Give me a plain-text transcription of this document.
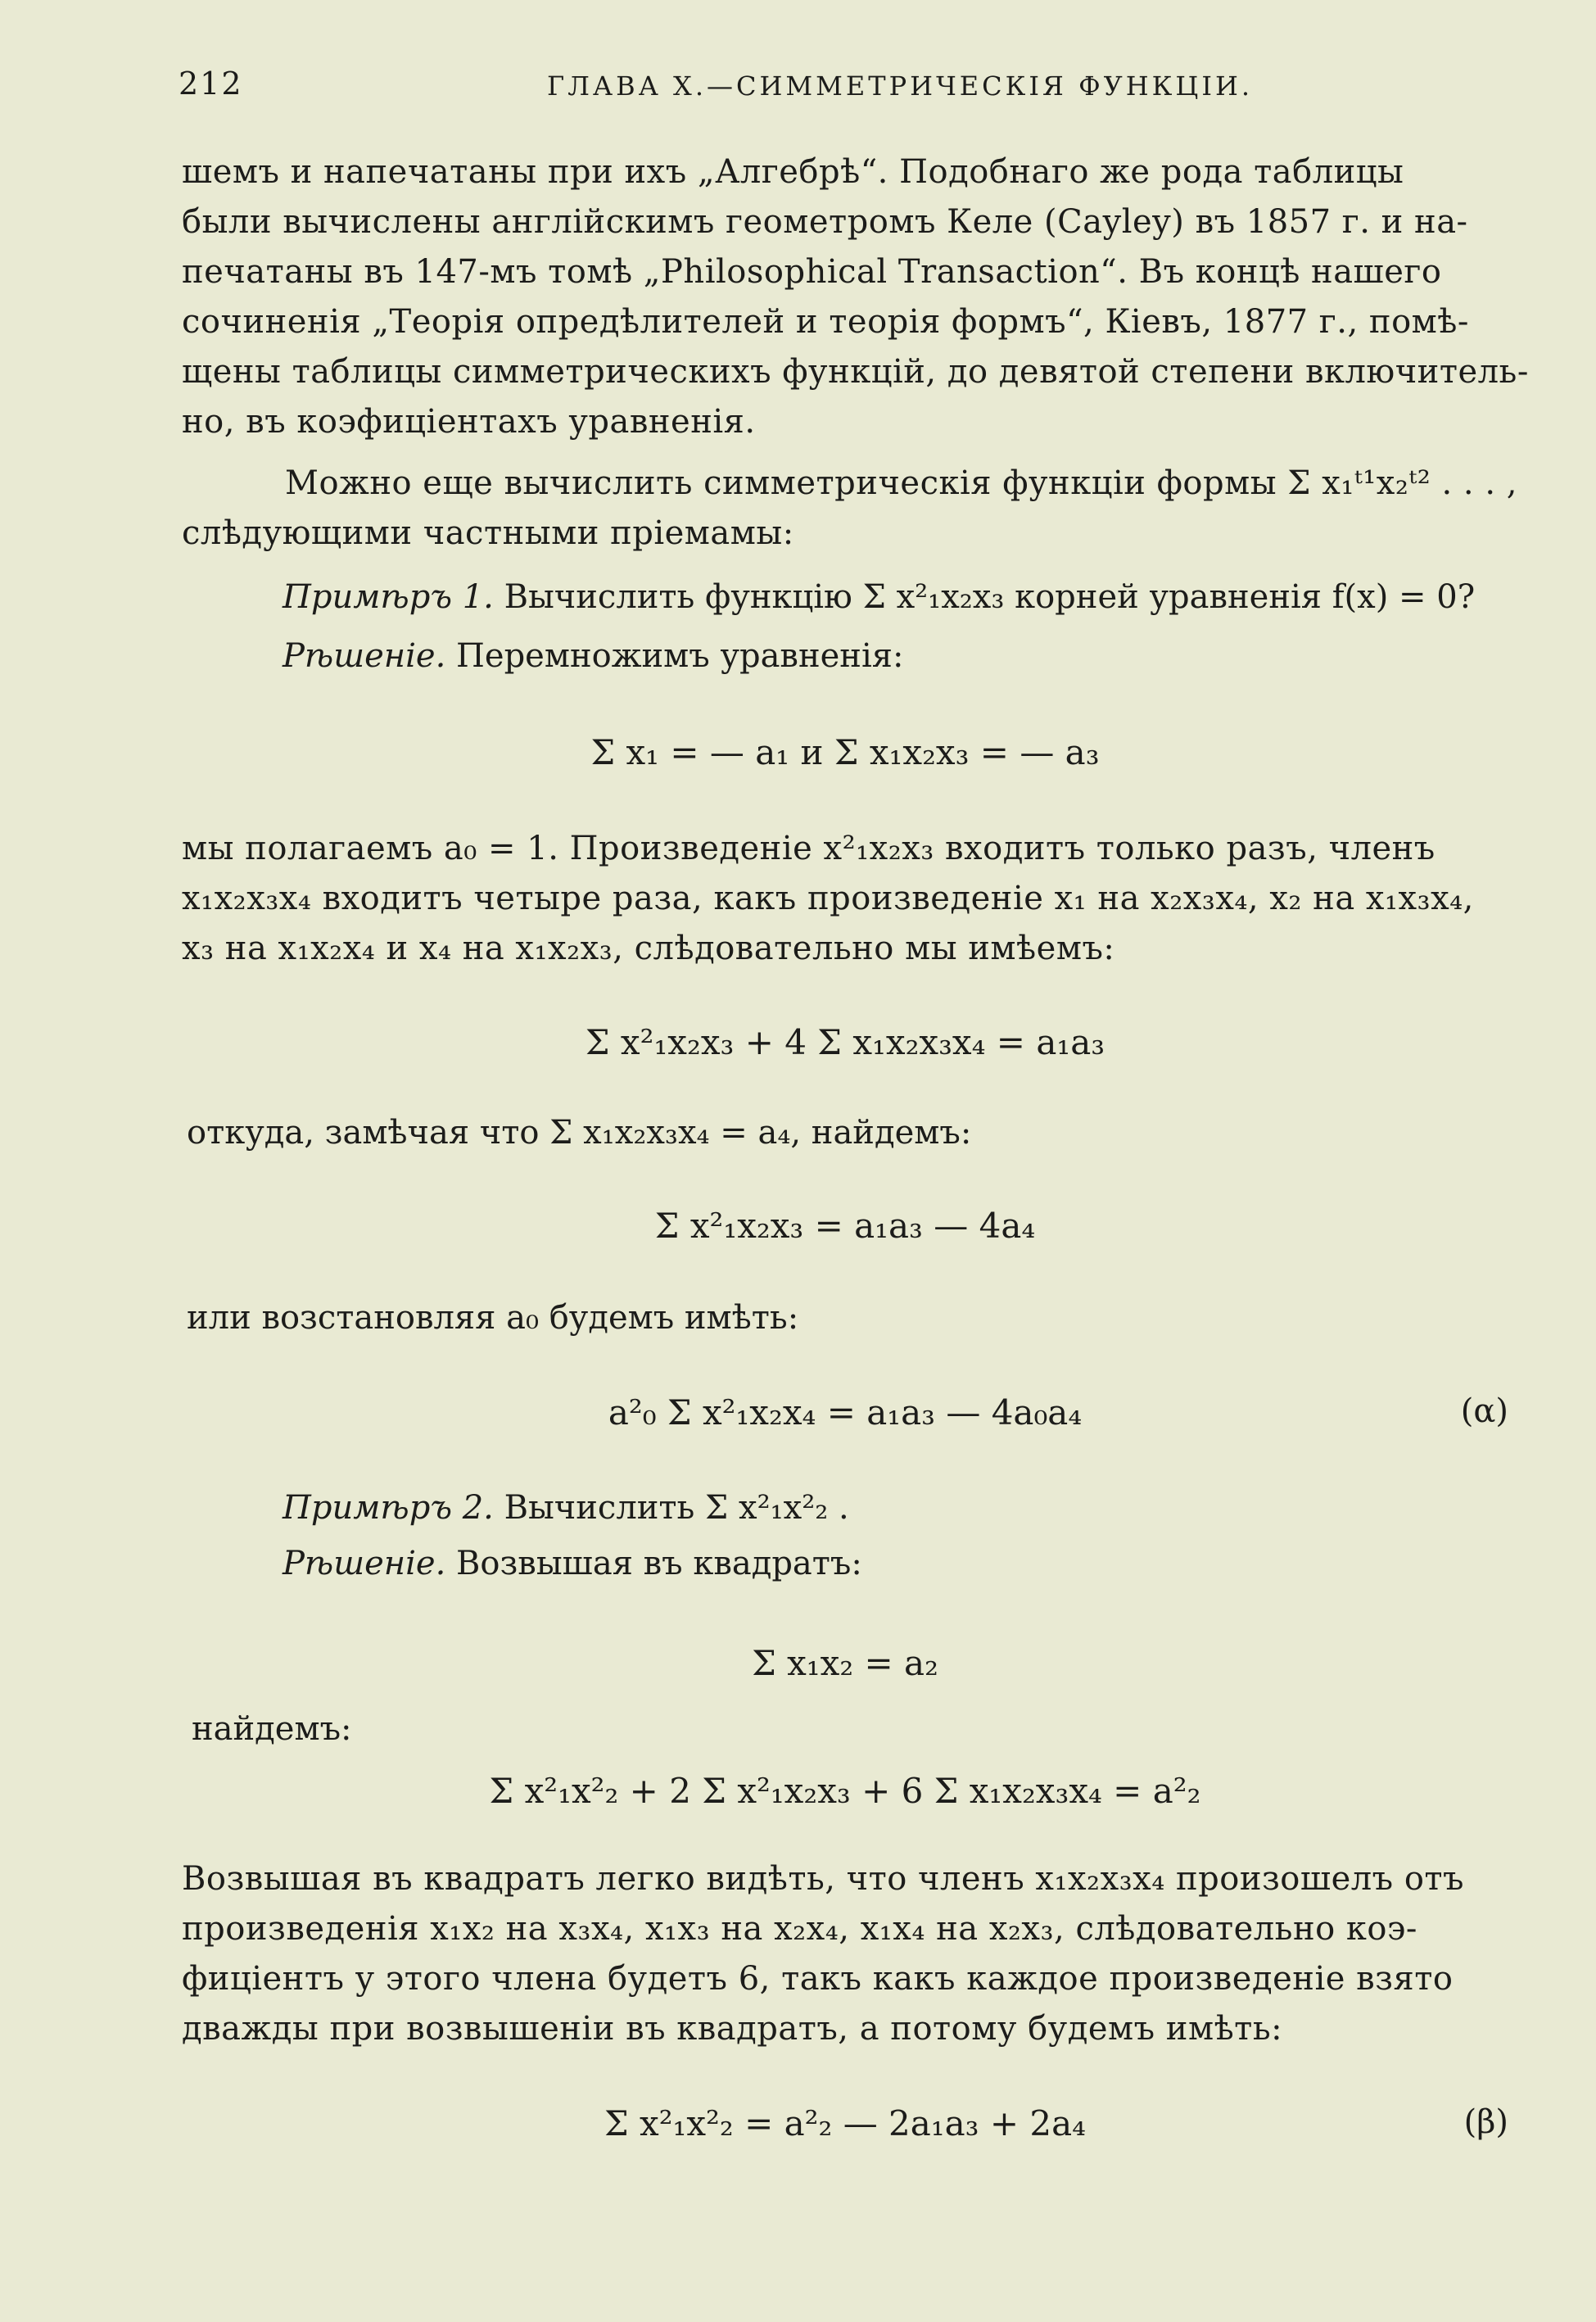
212	ГЛАВА X.—СИММЕТРИЧЕСКІЯ ФУНКЦІИ.
шемъ и напечатаны при ихъ „Алгебрѣ“. Подобнаго же рода таблицы
были вычислены англійскимъ геометромъ Келе (Cayley) въ 1857 г. и на-
печатаны въ 147-мъ томѣ „Philosophical Transaction“. Въ концѣ нашего
сочиненія „Теорія опредѣлителей и теорія формъ“, Кіевъ, 1877 г., помѣ-
щены таблицы симметрическихъ функцій, до девятой степени включитель-
но, въ коэфиціентахъ уравненія.
Можно еще вычислить симметрическія функціи формы Σ x₁ᵗ¹x₂ᵗ² . . . ,
слѣдующими частными пріемамы:
Примѣръ 1. Вычислить функцію Σ x²₁x₂x₃ корней уравненія f(x) = 0?
Рѣшеніе. Перемножимъ уравненія:
Σ x₁ = — a₁ и Σ x₁x₂x₃ = — a₃
мы полагаемъ a₀ = 1. Произведеніе x²₁x₂x₃ входитъ только разъ, членъ
x₁x₂x₃x₄ входитъ четыре раза, какъ произведеніе x₁ на x₂x₃x₄, x₂ на x₁x₃x₄,
x₃ на x₁x₂x₄ и x₄ на x₁x₂x₃, слѣдовательно мы имѣемъ:
Σ x²₁x₂x₃ + 4 Σ x₁x₂x₃x₄ = a₁a₃
откуда, замѣчая что Σ x₁x₂x₃x₄ = a₄, найдемъ:
Σ x²₁x₂x₃ = a₁a₃ — 4a₄
или возстановляя a₀ будемъ имѣть:
a²₀ Σ x²₁x₂x₄ = a₁a₃ — 4a₀a₄	(α)
Примѣръ 2. Вычислить Σ x²₁x²₂ .
Рѣшеніе. Возвышая въ квадратъ:
Σ x₁x₂ = a₂
найдемъ:
Σ x²₁x²₂ + 2 Σ x²₁x₂x₃ + 6 Σ x₁x₂x₃x₄ = a²₂
Возвышая въ квадратъ легко видѣть, что членъ x₁x₂x₃x₄ произошелъ отъ
произведенія x₁x₂ на x₃x₄, x₁x₃ на x₂x₄, x₁x₄ на x₂x₃, слѣдовательно коэ-
фиціентъ у этого члена будетъ 6, такъ какъ каждое произведеніе взято
дважды при возвышеніи въ квадратъ, а потому будемъ имѣть:
Σ x²₁x²₂ = a²₂ — 2a₁a₃ + 2a₄	(β)
